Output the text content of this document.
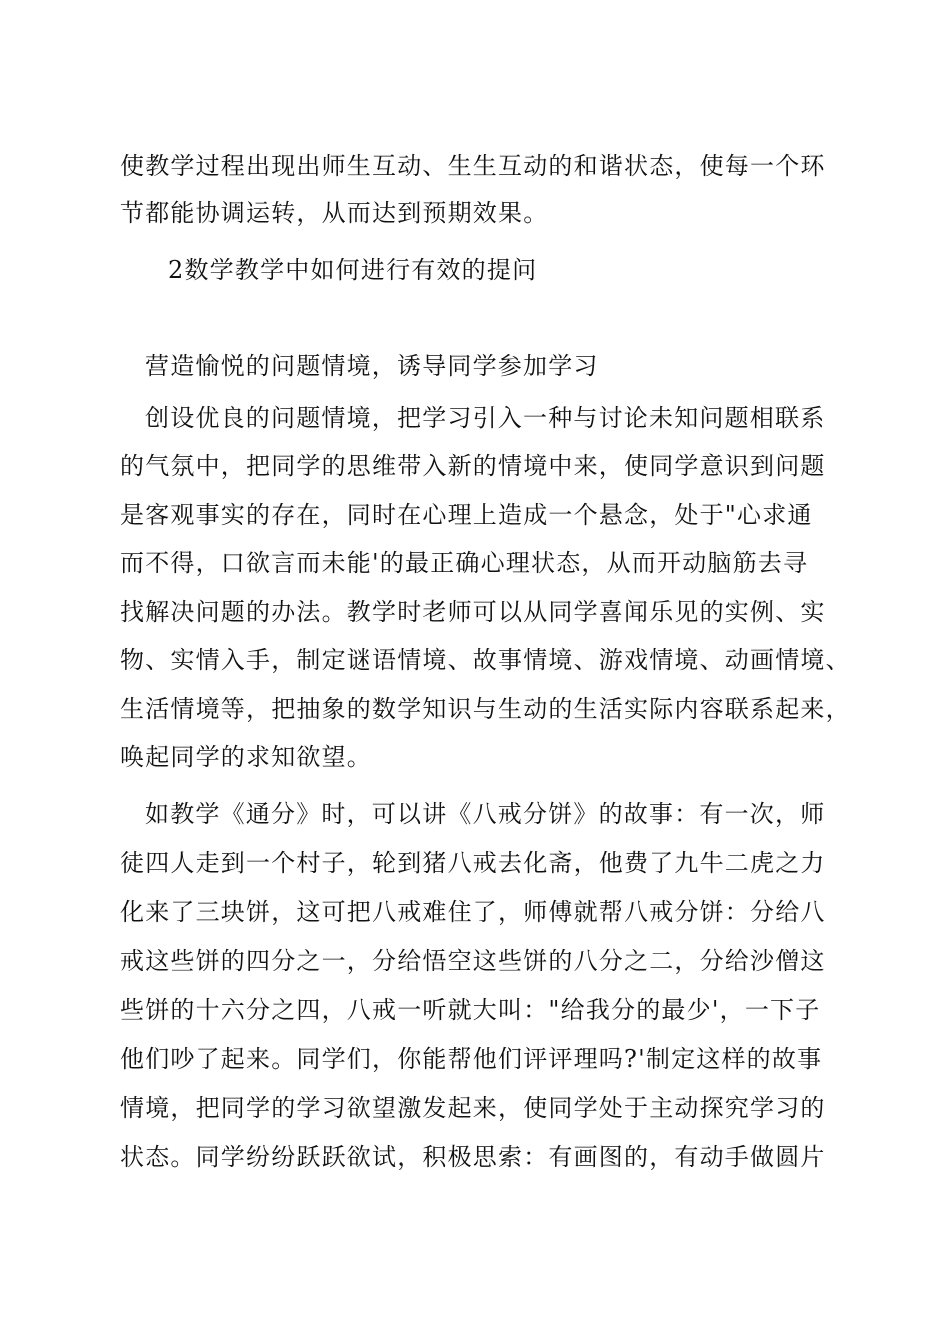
使教学过程出现出师生互动、生生互动的和谐状态，使每一个环
节都能协调运转，从而达到预期效果。
2数学教学中如何进行有效的提问
营造愉悦的问题情境，诱导同学参加学习
创设优良的问题情境，把学习引入一种与讨论未知问题相联系
的气氛中，把同学的思维带入新的情境中来，使同学意识到问题
是客观事实的存在，同时在心理上造成一个悬念，处于"心求通
而不得，口欲言而未能'的最正确心理状态，从而开动脑筋去寻
找解决问题的办法。教学时老师可以从同学喜闻乐见的实例、实
物、实情入手，制定谜语情境、故事情境、游戏情境、动画情境、
生活情境等，把抽象的数学知识与生动的生活实际内容联系起来，
唤起同学的求知欲望。
如教学《通分》时，可以讲《八戒分饼》的故事：有一次，师
徒四人走到一个村子，轮到猪八戒去化斋，他费了九牛二虎之力
化来了三块饼，这可把八戒难住了，师傅就帮八戒分饼：分给八
戒这些饼的四分之一，分给悟空这些饼的八分之二，分给沙僧这
些饼的十六分之四，八戒一听就大叫："给我分的最少'，一下子
他们吵了起来。同学们，你能帮他们评评理吗?'制定这样的故事
情境，把同学的学习欲望激发起来，使同学处于主动探究学习的
状态。同学纷纷跃跃欲试，积极思索：有画图的，有动手做圆片
